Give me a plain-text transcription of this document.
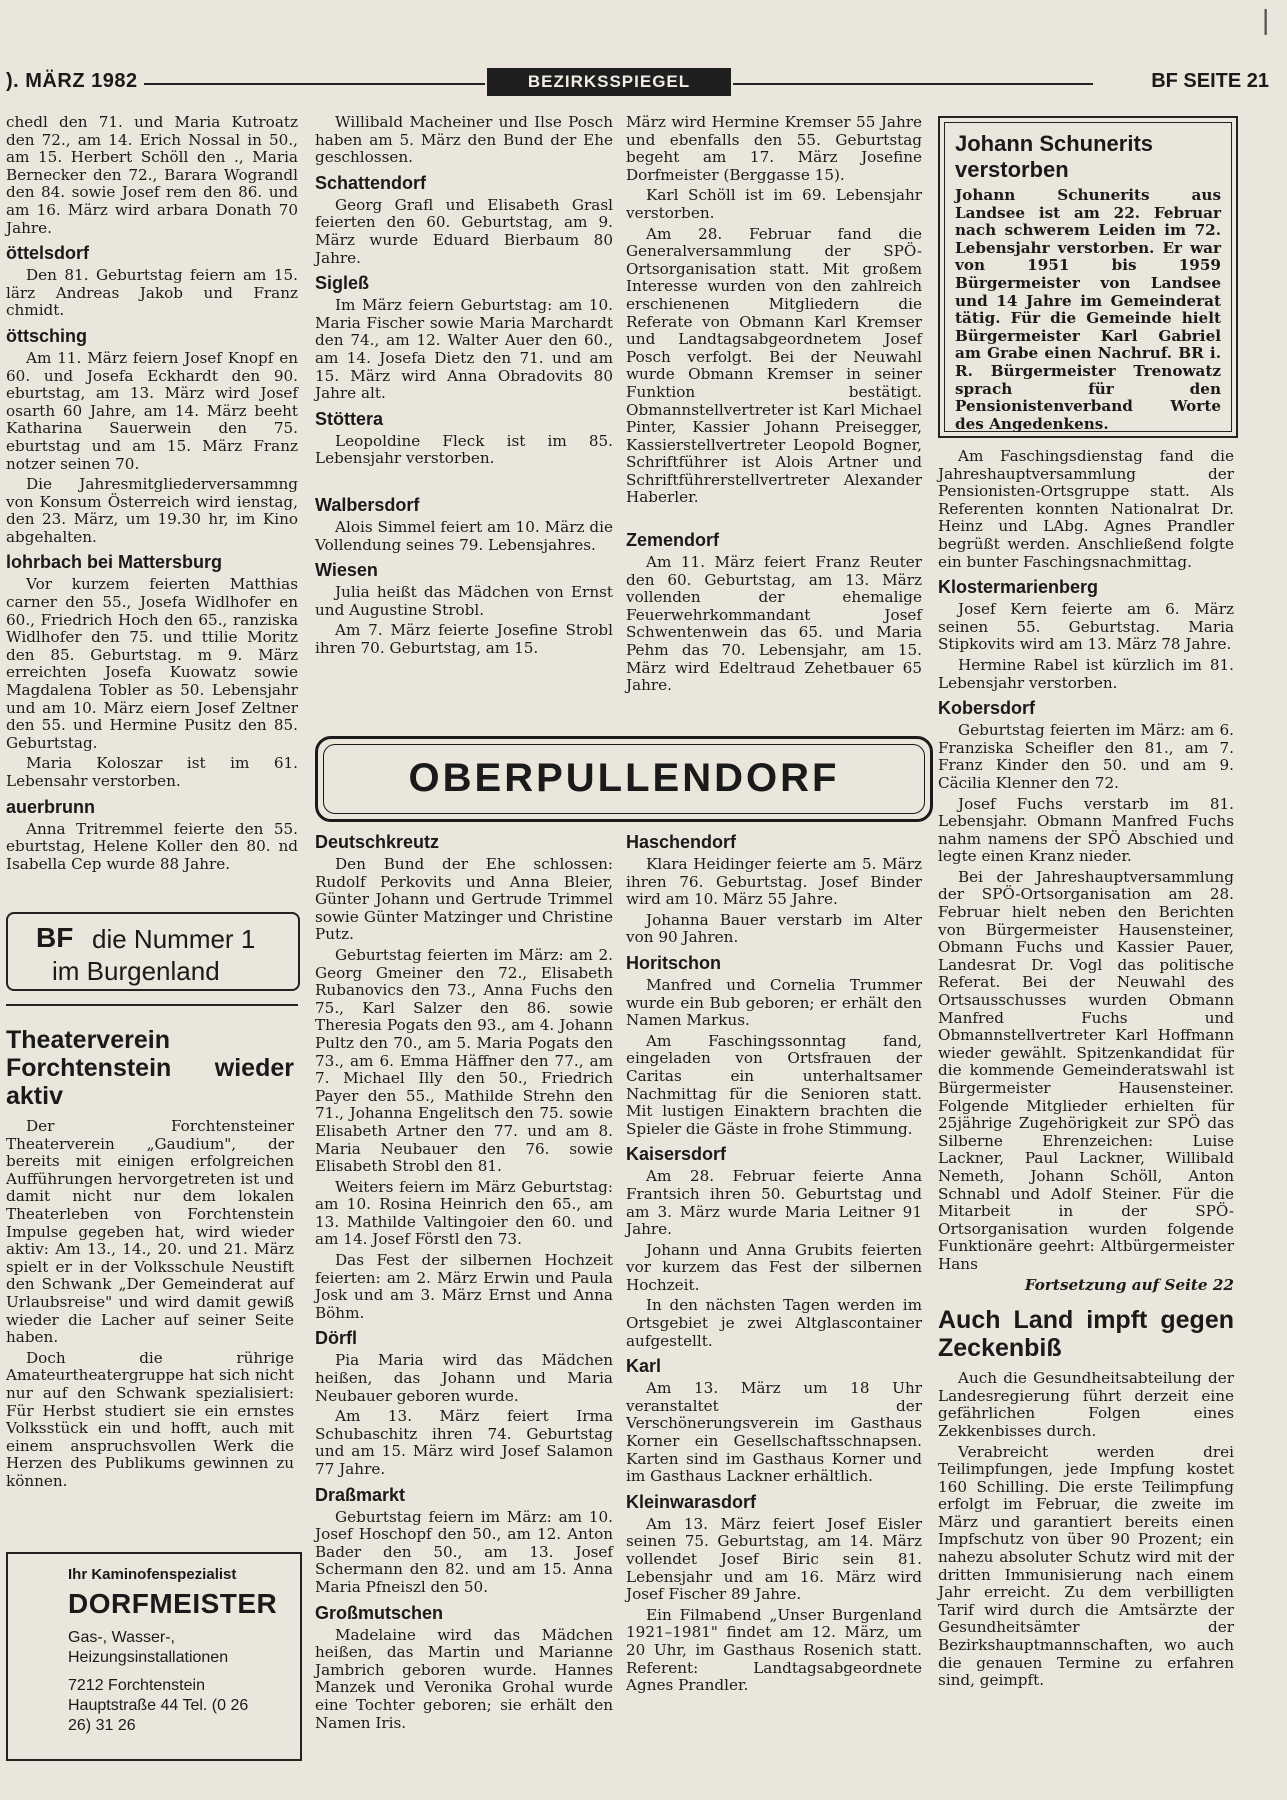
). MÄRZ 1982	BEZIRKSSPIEGEL	BF SEITE 21
|

chedl den 71. und Maria Kutroatz den 72., am 14. Erich Nossal in 50., am 15. Herbert Schöll den ., Maria Bernecker den 72., Barara Wograndl den 84. sowie Josef rem den 86. und am 16. März wird arbara Donath 70 Jahre.

öttelsdorf

Den 81. Geburtstag feiern am 15. lärz Andreas Jakob und Franz chmidt.

öttsching

Am 11. März feiern Josef Knopf en 60. und Josefa Eckhardt den 90. eburtstag, am 13. März wird Josef osarth 60 Jahre, am 14. März beeht Katharina Sauerwein den 75. eburtstag und am 15. März Franz notzer seinen 70.

Die Jahresmitgliederversammng von Konsum Österreich wird ienstag, den 23. März, um 19.30 hr, im Kino abgehalten.

lohrbach bei Mattersburg

Vor kurzem feierten Matthias carner den 55., Josefa Widlhofer en 60., Friedrich Hoch den 65., ranziska Widlhofer den 75. und ttilie Moritz den 85. Geburtstag. m 9. März erreichten Josefa Kuowatz sowie Magdalena Tobler as 50. Lebensjahr und am 10. März eiern Josef Zeltner den 55. und Hermine Pusitz den 85. Geburtstag.

Maria Koloszar ist im 61. Lebensahr verstorben.

auerbrunn

Anna Tritremmel feierte den 55. eburtstag, Helene Koller den 80. nd Isabella Cep wurde 88 Jahre.

BF die Nummer 1
im Burgenland
Theaterverein Forchtenstein wieder aktiv

Der Forchtensteiner Theaterverein „Gaudium", der bereits mit einigen erfolgreichen Aufführungen hervorgetreten ist und damit nicht nur dem lokalen Theaterleben von Forchtenstein Impulse gegeben hat, wird wieder aktiv: Am 13., 14., 20. und 21. März spielt er in der Volksschule Neustift den Schwank „Der Gemeinderat auf Urlaubsreise" und wird damit gewiß wieder die Lacher auf seiner Seite haben.

Doch die rührige Amateurtheatergruppe hat sich nicht nur auf den Schwank spezialisiert: Für Herbst studiert sie ein ernstes Volksstück ein und hofft, auch mit einem anspruchsvollen Werk die Herzen des Publikums gewinnen zu können.

Ihr Kaminofenspezialist
DORFMEISTER
Gas-, Wasser-, Heizungsinstallationen
7212 Forchtenstein Hauptstraße 44 Tel. (0 26 26) 31 26

Willibald Macheiner und Ilse Posch haben am 5. März den Bund der Ehe geschlossen.

Schattendorf

Georg Grafl und Elisabeth Grasl feierten den 60. Geburtstag, am 9. März wurde Eduard Bierbaum 80 Jahre.

Sigleß

Im März feiern Geburtstag: am 10. Maria Fischer sowie Maria Marchardt den 74., am 12. Walter Auer den 60., am 14. Josefa Dietz den 71. und am 15. März wird Anna Obradovits 80 Jahre alt.

Stöttera

Leopoldine Fleck ist im 85. Lebensjahr verstorben.

Walbersdorf

Alois Simmel feiert am 10. März die Vollendung seines 79. Lebensjahres.

Wiesen

Julia heißt das Mädchen von Ernst und Augustine Strobl.

Am 7. März feierte Josefine Strobl ihren 70. Geburtstag, am 15.

März wird Hermine Kremser 55 Jahre und ebenfalls den 55. Geburtstag begeht am 17. März Josefine Dorfmeister (Berggasse 15).

Karl Schöll ist im 69. Lebensjahr verstorben.

Am 28. Februar fand die Generalversammlung der SPÖ-Ortsorganisation statt. Mit großem Interesse wurden von den zahlreich erschienenen Mitgliedern die Referate von Obmann Karl Kremser und Landtagsabgeordnetem Josef Posch verfolgt. Bei der Neuwahl wurde Obmann Kremser in seiner Funktion bestätigt. Obmannstellvertreter ist Karl Michael Pinter, Kassier Johann Preisegger, Kassierstellvertreter Leopold Bogner, Schriftführer ist Alois Artner und Schriftführerstellvertreter Alexander Haberler.

Zemendorf

Am 11. März feiert Franz Reuter den 60. Geburtstag, am 13. März vollenden der ehemalige Feuerwehrkommandant Josef Schwentenwein das 65. und Maria Pehm das 70. Lebensjahr, am 15. März wird Edeltraud Zehetbauer 65 Jahre.

Johann Schunerits verstorben
Johann Schunerits aus Landsee ist am 22. Februar nach schwerem Leiden im 72. Lebensjahr verstorben. Er war von 1951 bis 1959 Bürgermeister von Landsee und 14 Jahre im Gemeinderat tätig. Für die Gemeinde hielt Bürgermeister Karl Gabriel am Grabe einen Nachruf. BR i. R. Bürgermeister Trenowatz sprach für den Pensionistenverband Worte des Angedenkens.

Am Faschingsdienstag fand die Jahreshauptversammlung der Pensionisten-Ortsgruppe statt. Als Referenten konnten Nationalrat Dr. Heinz und LAbg. Agnes Prandler begrüßt werden. Anschließend folgte ein bunter Faschingsnachmittag.

Klostermarienberg

Josef Kern feierte am 6. März seinen 55. Geburtstag. Maria Stipkovits wird am 13. März 78 Jahre.

Hermine Rabel ist kürzlich im 81. Lebensjahr verstorben.

Kobersdorf

Geburtstag feierten im März: am 6. Franziska Scheifler den 81., am 7. Franz Kinder den 50. und am 9. Cäcilia Klenner den 72.

Josef Fuchs verstarb im 81. Lebensjahr. Obmann Manfred Fuchs nahm namens der SPÖ Abschied und legte einen Kranz nieder.

Bei der Jahreshauptversammlung der SPÖ-Ortsorganisation am 28. Februar hielt neben den Berichten von Bürgermeister Hausensteiner, Obmann Fuchs und Kassier Pauer, Landesrat Dr. Vogl das politische Referat. Bei der Neuwahl des Ortsausschusses wurden Obmann Manfred Fuchs und Obmannstellvertreter Karl Hoffmann wieder gewählt. Spitzenkandidat für die kommende Gemeinderatswahl ist Bürgermeister Hausensteiner. Folgende Mitglieder erhielten für 25jährige Zugehörigkeit zur SPÖ das Silberne Ehrenzeichen: Luise Lackner, Paul Lackner, Willibald Nemeth, Johann Schöll, Anton Schnabl und Adolf Steiner. Für die Mitarbeit in der SPÖ-Ortsorganisation wurden folgende Funktionäre geehrt: Altbürgermeister Hans

Fortsetzung auf Seite 22

Auch Land impft gegen Zeckenbiß

Auch die Gesundheitsabteilung der Landesregierung führt derzeit eine gefährlichen Folgen eines Zekkenbisses durch.

Verabreicht werden drei Teilimpfungen, jede Impfung kostet 160 Schilling. Die erste Teilimpfung erfolgt im Februar, die zweite im März und garantiert bereits einen Impfschutz von über 90 Prozent; ein nahezu absoluter Schutz wird mit der dritten Immunisierung nach einem Jahr erreicht. Zu dem verbilligten Tarif wird durch die Amtsärzte der Gesundheitsämter der Bezirkshauptmannschaften, wo auch die genauen Termine zu erfahren sind, geimpft.

OBERPULLENDORF
Deutschkreutz

Den Bund der Ehe schlossen: Rudolf Perkovits und Anna Bleier, Günter Johann und Gertrude Trimmel sowie Günter Matzinger und Christine Putz.

Geburtstag feierten im März: am 2. Georg Gmeiner den 72., Elisabeth Rubanovics den 73., Anna Fuchs den 75., Karl Salzer den 86. sowie Theresia Pogats den 93., am 4. Johann Pultz den 70., am 5. Maria Pogats den 73., am 6. Emma Häffner den 77., am 7. Michael Illy den 50., Friedrich Payer den 55., Mathilde Strehn den 71., Johanna Engelitsch den 75. sowie Elisabeth Artner den 77. und am 8. Maria Neubauer den 76. sowie Elisabeth Strobl den 81.

Weiters feiern im März Geburtstag: am 10. Rosina Heinrich den 65., am 13. Mathilde Valtingoier den 60. und am 14. Josef Förstl den 73.

Das Fest der silbernen Hochzeit feierten: am 2. März Erwin und Paula Josk und am 3. März Ernst und Anna Böhm.

Dörfl

Pia Maria wird das Mädchen heißen, das Johann und Maria Neubauer geboren wurde.

Am 13. März feiert Irma Schubaschitz ihren 74. Geburtstag und am 15. März wird Josef Salamon 77 Jahre.

Draßmarkt

Geburtstag feiern im März: am 10. Josef Hoschopf den 50., am 12. Anton Bader den 50., am 13. Josef Schermann den 82. und am 15. Anna Maria Pfneiszl den 50.

Großmutschen

Madelaine wird das Mädchen heißen, das Martin und Marianne Jambrich geboren wurde. Hannes Manzek und Veronika Grohal wurde eine Tochter geboren; sie erhält den Namen Iris.

Haschendorf

Klara Heidinger feierte am 5. März ihren 76. Geburtstag. Josef Binder wird am 10. März 55 Jahre.

Johanna Bauer verstarb im Alter von 90 Jahren.

Horitschon

Manfred und Cornelia Trummer wurde ein Bub geboren; er erhält den Namen Markus.

Am Faschingssonntag fand, eingeladen von Ortsfrauen der Caritas ein unterhaltsamer Nachmittag für die Senioren statt. Mit lustigen Einaktern brachten die Spieler die Gäste in frohe Stimmung.

Kaisersdorf

Am 28. Februar feierte Anna Frantsich ihren 50. Geburtstag und am 3. März wurde Maria Leitner 91 Jahre.

Johann und Anna Grubits feierten vor kurzem das Fest der silbernen Hochzeit.

In den nächsten Tagen werden im Ortsgebiet je zwei Altglascontainer aufgestellt.

Karl

Am 13. März um 18 Uhr veranstaltet der Verschönerungsverein im Gasthaus Korner ein Gesellschaftsschnapsen. Karten sind im Gasthaus Korner und im Gasthaus Lackner erhältlich.

Kleinwarasdorf

Am 13. März feiert Josef Eisler seinen 75. Geburtstag, am 14. März vollendet Josef Biric sein 81. Lebensjahr und am 16. März wird Josef Fischer 89 Jahre.

Ein Filmabend „Unser Burgenland 1921–1981" findet am 12. März, um 20 Uhr, im Gasthaus Rosenich statt. Referent: Landtagsabgeordnete Agnes Prandler.
